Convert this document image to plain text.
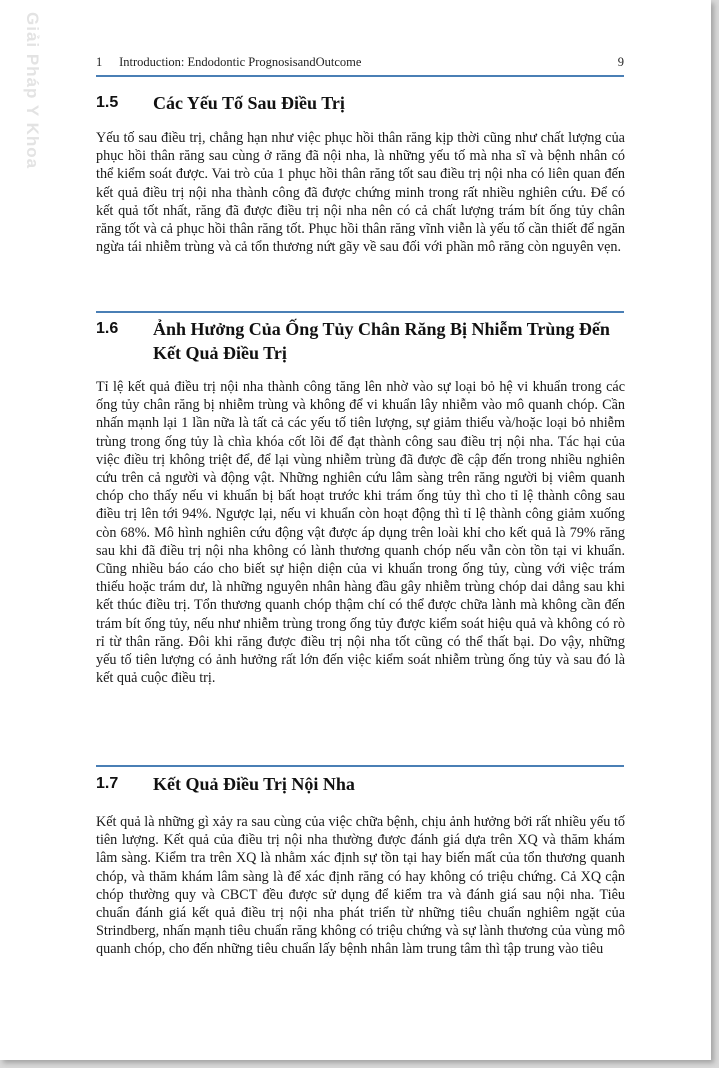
Giải Pháp Y Khoa	1 Introduction: Endodontic PrognosisandOutcome	9
1.5 Các Yếu Tố Sau Điều Trị

Yếu tố sau điều trị, chẳng hạn như việc phục hồi thân răng kịp thời cũng như chất lượng của phục hồi thân răng sau cùng ở răng đã nội nha, là những yếu tố mà nha sĩ và bệnh nhân có thể kiểm soát được. Vai trò của 1 phục hồi thân răng tốt sau điều trị nội nha có liên quan đến kết quả điều trị nội nha thành công đã được chứng minh trong rất nhiều nghiên cứu. Để có kết quả tốt nhất, răng đã được điều trị nội nha nên có cả chất lượng trám bít ống tủy chân răng tốt và cả phục hồi thân răng tốt. Phục hồi thân răng vĩnh viễn là yếu tố cần thiết để ngăn ngừa tái nhiễm trùng và cả tổn thương nứt gãy về sau đối với phần mô răng còn nguyên vẹn.

1.6 Ảnh Hưởng Của Ống Tủy Chân Răng Bị Nhiễm Trùng Đến Kết Quả Điều Trị

Tỉ lệ kết quả điều trị nội nha thành công tăng lên nhờ vào sự loại bỏ hệ vi khuẩn trong các ống tủy chân răng bị nhiễm trùng và không để vi khuẩn lây nhiễm vào mô quanh chóp. Cần nhấn mạnh lại 1 lần nữa là tất cả các yếu tố tiên lượng, sự giảm thiểu và/hoặc loại bỏ nhiễm trùng trong ống tủy là chìa khóa cốt lõi để đạt thành công sau điều trị nội nha. Tác hại của việc điều trị không triệt để, để lại vùng nhiễm trùng đã được đề cập đến trong nhiều nghiên cứu trên cả người và động vật. Những nghiên cứu lâm sàng trên răng người bị viêm quanh chóp cho thấy nếu vi khuẩn bị bất hoạt trước khi trám ống tủy thì cho tỉ lệ thành công sau điều trị lên tới 94%. Ngược lại, nếu vi khuẩn còn hoạt động thì tỉ lệ thành công giảm xuống còn 68%. Mô hình nghiên cứu động vật được áp dụng trên loài khỉ cho kết quả là 79% răng sau khi đã điều trị nội nha không có lành thương quanh chóp nếu vẫn còn tồn tại vi khuẩn. Cũng nhiều báo cáo cho biết sự hiện diện của vi khuẩn trong ống tủy, cùng với việc trám thiếu hoặc trám dư, là những nguyên nhân hàng đầu gây nhiễm trùng chóp dai dẳng sau khi kết thúc điều trị. Tổn thương quanh chóp thậm chí có thể được chữa lành mà không cần đến trám bít ống tủy, nếu như nhiễm trùng trong ống tủy được kiểm soát hiệu quả và không có rò rỉ từ thân răng. Đôi khi răng được điều trị nội nha tốt cũng có thể thất bại. Do vậy, những yếu tố tiên lượng có ảnh hưởng rất lớn đến việc kiểm soát nhiễm trùng ống tủy và sau đó là kết quả cuộc điều trị.

1.7 Kết Quả Điều Trị Nội Nha

Kết quả là những gì xảy ra sau cùng của việc chữa bệnh, chịu ảnh hưởng bởi rất nhiều yếu tố tiên lượng. Kết quả của điều trị nội nha thường được đánh giá dựa trên XQ và thăm khám lâm sàng. Kiểm tra trên XQ là nhằm xác định sự tồn tại hay biến mất của tổn thương quanh chóp, và thăm khám lâm sàng là để xác định răng có hay không có triệu chứng. Cả XQ cận chóp thường quy và CBCT đều được sử dụng để kiểm tra và đánh giá sau nội nha. Tiêu chuẩn đánh giá kết quả điều trị nội nha phát triển từ những tiêu chuẩn nghiêm ngặt của Strindberg, nhấn mạnh tiêu chuẩn răng không có triệu chứng và sự lành thương của vùng mô quanh chóp, cho đến những tiêu chuẩn lấy bệnh nhân làm trung tâm thì tập trung vào tiêu
